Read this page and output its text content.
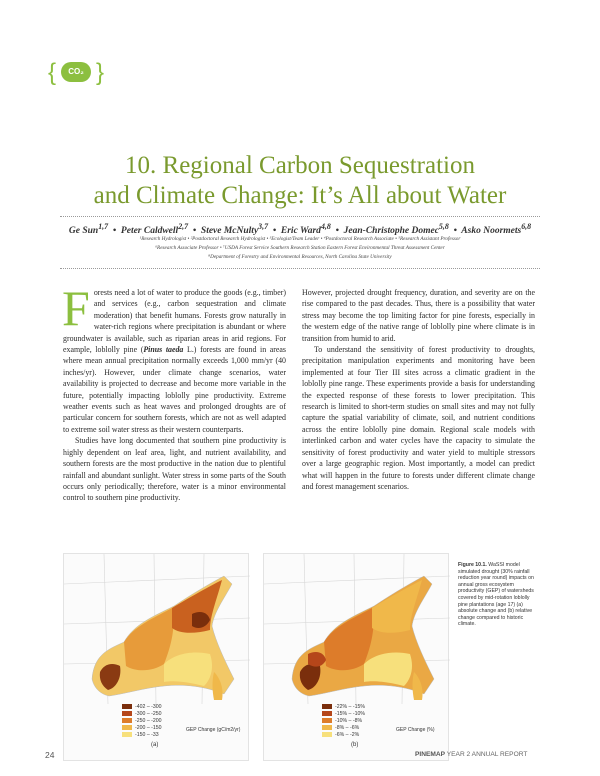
{	CO₂ }
10. Regional Carbon Sequestration
and Climate Change: It’s All about Water
Ge Sun$^{1,7}$  •  Peter Caldwell$^{2,7}$  •  Steve McNulty$^{3,7}$  •  Eric Ward$^{4,8}$  •  Jean-Christophe Domec$^{5,8}$  •  Asko Noormets$^{6,8}$
¹Research Hydrologist • ²Postdoctoral Research Hydrologist • ³Ecologist/Team Leader • ⁴Postdoctoral Research Associate • ⁵Research Assistant Professor
⁶Research Associate Professor • ⁷USDA Forest Service Southern Research Station Eastern Forest Environmental Threat Assessment Center
⁸Department of Forestry and Environmental Resources, North Carolina State University

Forests need a lot of water to produce the goods (e.g., timber) and services (e.g., carbon sequestration and climate moderation) that benefit humans. Forests grow naturally in water-rich regions where precipitation is abundant or where groundwater is available, such as riparian areas in arid regions. For example, loblolly pine (Pinus taeda L.) forests are found in areas where mean annual precipitation normally exceeds 1,000 mm/yr (40 inches/yr). However, under climate change scenarios, water availability is projected to decrease and become more variable in the future, potentially impacting loblolly pine productivity. Extreme weather events such as heat waves and prolonged droughts are of particular concern for southern forests, which are not as well adapted to extreme soil water stress as their western counterparts.

Studies have long documented that southern pine productivity is highly dependent on leaf area, light, and nutrient availability, and southern forests are the most productive in the nation due to plentiful rainfall and abundant sunlight. Water stress in some parts of the South occurs only periodically; therefore, water is a minor environmental control to southern pine productivity.

However, projected drought frequency, duration, and severity are on the rise compared to the past decades. Thus, there is a possibility that water stress may become the top limiting factor for pine forests, especially in the western edge of the native range of loblolly pine where climate is in transition from humid to arid.

To understand the sensitivity of forest productivity to droughts, precipitation manipulation experiments and monitoring have been implemented at four Tier III sites across a climatic gradient in the loblolly pine range. These experiments provide a basis for understanding the expected response of these forests to lower precipitation. This research is limited to short-term studies on small sites and may not fully capture the spatial variability of climate, soil, and nutrient conditions across the entire loblolly pine domain. Regional scale models with interlinked carbon and water cycles have the capacity to simulate the sensitivity of forest productivity and water yield to multiple stressors over a large geographic region. Most importantly, a model can predict what will happen in the future to forests under different climate change and forest management scenarios.

-402 – -300
-300 – -250
-250 – -200
-200 – -150
-150 – -33
GEP Change (gC/m2/yr)
-22% – -15%
-15% – -10%
-10% – -8%
-8% – -6%
-6% – -2%
GEP Change (%)
(a)	(b)
Figure 10.1. WaSSI model simulated drought (30% rainfall reduction year round) impacts on annual gross ecosystem productivity (GEP) of watersheds covered by mid-rotation loblolly pine plantations (age 17) (a) absolute change and (b) relative change compared to historic climate.
24	PINEMAP YEAR 2 ANNUAL REPORT
